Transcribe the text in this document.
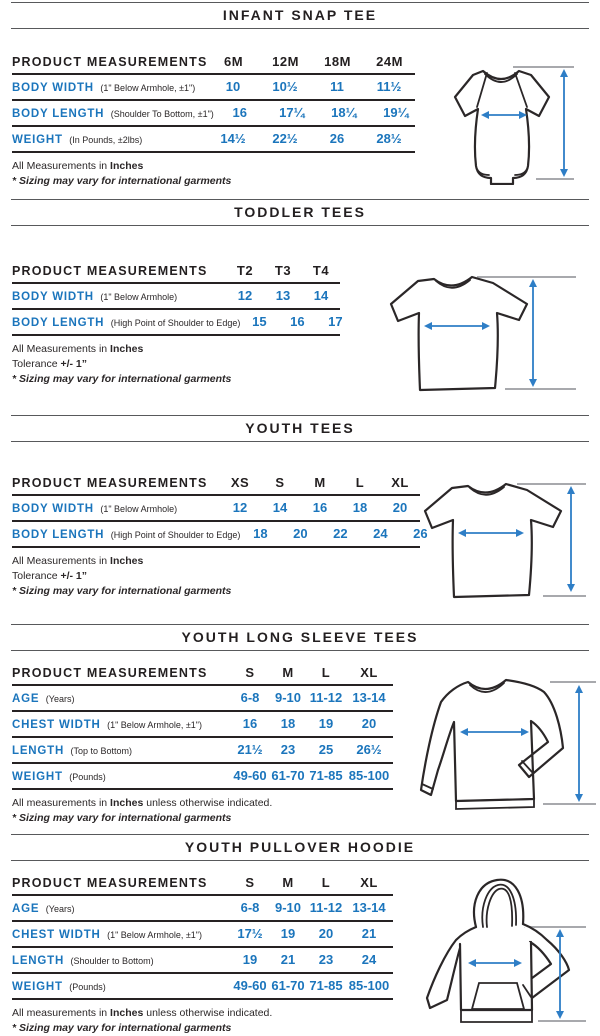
INFANT SNAP TEE
PRODUCT MEASUREMENTS	6M	12M	18M	24M
BODY WIDTH (1" Below Armhole, ±1")	10	10½	11	11½
BODY LENGTH (Shoulder To Bottom, ±1")	16	17¼	18¼	19¼
WEIGHT (In Pounds, ±2lbs)	14½	22½	26	28½
All Measurements in Inches
* Sizing may vary for international garments
TODDLER TEES
PRODUCT MEASUREMENTS	T2	T3	T4
BODY WIDTH (1" Below Armhole)	12	13	14
BODY LENGTH (High Point of Shoulder to Edge) 15	16	17
All Measurements in Inches
Tolerance +/- 1”
* Sizing may vary for international garments
YOUTH TEES
PRODUCT MEASUREMENTS	XS	S	M	L	XL
BODY WIDTH (1" Below Armhole)	12	14	16	18	20
BODY LENGTH (High Point of Shoulder to Edge) 18	20	22	24	26
All Measurements in Inches
Tolerance +/- 1”
* Sizing may vary for international garments
YOUTH LONG SLEEVE TEES
PRODUCT MEASUREMENTS	S	M	L	XL
AGE (Years)	6-8	9-10 11-12 13-14
CHEST WIDTH (1" Below Armhole, ±1")	16	18	19	20
LENGTH (Top to Bottom)	21½	23	25	26½
WEIGHT (Pounds)	49-60 61-70 71-85 85-100
All measurements in Inches unless otherwise indicated.
* Sizing may vary for international garments
YOUTH PULLOVER HOODIE
PRODUCT MEASUREMENTS	S	M	L	XL
AGE (Years)	6-8	9-10 11-12 13-14
CHEST WIDTH (1" Below Armhole, ±1")	17½	19	20	21
LENGTH (Shoulder to Bottom)	19	21	23	24
WEIGHT (Pounds)	49-60 61-70 71-85 85-100
All measurements in Inches unless otherwise indicated.
* Sizing may vary for international garments
